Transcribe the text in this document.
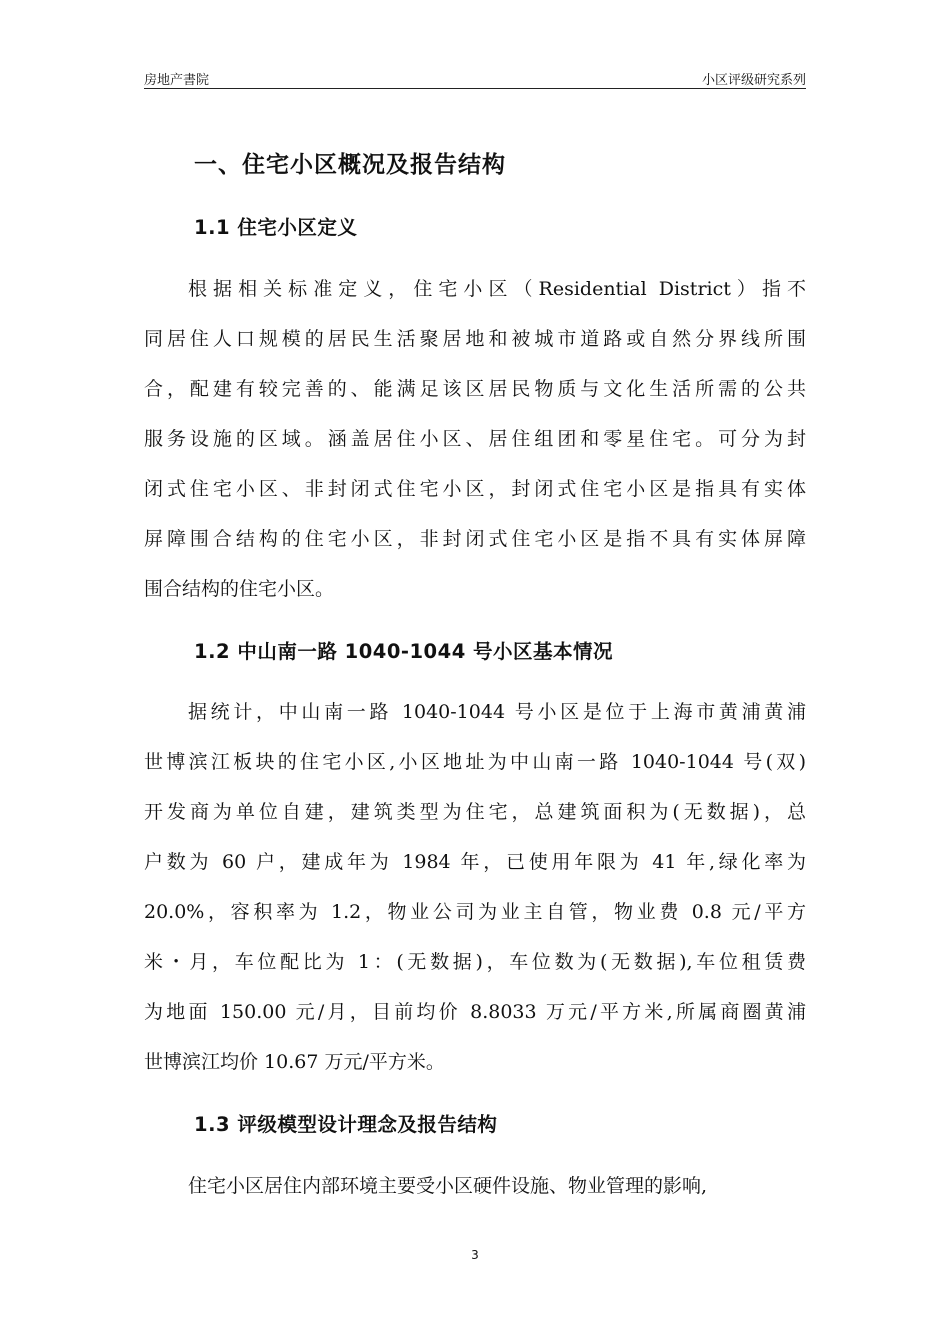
房地产書院	小区评级研究系列
一、住宅小区概况及报告结构
1.1 住宅小区定义
根据相关标准定义，住宅小区（Residential District）指不
同居住人口规模的居民生活聚居地和被城市道路或自然分界线所围
合，配建有较完善的、能满足该区居民物质与文化生活所需的公共
服务设施的区域。涵盖居住小区、居住组团和零星住宅。可分为封
闭式住宅小区、非封闭式住宅小区，封闭式住宅小区是指具有实体
屏障围合结构的住宅小区，非封闭式住宅小区是指不具有实体屏障
围合结构的住宅小区。
1.2 中山南一路 1040-1044 号小区基本情况
据统计，中山南一路 1040-1044 号小区是位于上海市黄浦黄浦
世博滨江板块的住宅小区,小区地址为中山南一路 1040-1044 号(双)
开发商为单位自建，建筑类型为住宅，总建筑面积为(无数据)，总
户数为 60 户，建成年为 1984 年，已使用年限为 41 年,绿化率为
20.0%，容积率为 1.2，物业公司为业主自管，物业费 0.8 元/平方
米・月，车位配比为 1：(无数据)，车位数为(无数据),车位租赁费
为地面 150.00 元/月，目前均价 8.8033 万元/平方米,所属商圈黄浦
世博滨江均价 10.67 万元/平方米。
1.3 评级模型设计理念及报告结构
住宅小区居住内部环境主要受小区硬件设施、物业管理的影响,
3
